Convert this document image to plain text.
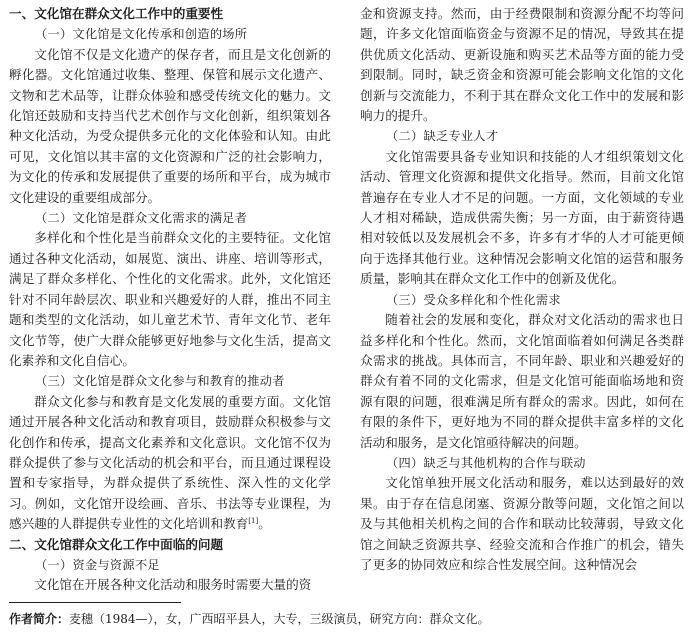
一、文化馆在群众文化工作中的重要性

（一）文化馆是文化传承和创造的场所

文化馆不仅是文化遗产的保存者，而且是文化创新的孵化器。文化馆通过收集、整理、保管和展示文化遗产、文物和艺术品等，让群众体验和感受传统文化的魅力。文化馆还鼓励和支持当代艺术创作与文化创新，组织策划各种文化活动，为受众提供多元化的文化体验和认知。由此可见，文化馆以其丰富的文化资源和广泛的社会影响力，为文化的传承和发展提供了重要的场所和平台，成为城市文化建设的重要组成部分。

（二）文化馆是群众文化需求的满足者

多样化和个性化是当前群众文化的主要特征。文化馆通过各种文化活动，如展览、演出、讲座、培训等形式，满足了群众多样化、个性化的文化需求。此外，文化馆还针对不同年龄层次、职业和兴趣爱好的人群，推出不同主题和类型的文化活动，如儿童艺术节、青年文化节、老年文化节等，使广大群众能够更好地参与文化生活，提高文化素养和文化自信心。

（三）文化馆是群众文化参与和教育的推动者

群众文化参与和教育是文化发展的重要方面。文化馆通过开展各种文化活动和教育项目，鼓励群众积极参与文化创作和传承，提高文化素养和文化意识。文化馆不仅为群众提供了参与文化活动的机会和平台，而且通过课程设置和专家指导，为群众提供了系统性、深入性的文化学习。例如，文化馆开设绘画、音乐、书法等专业课程，为感兴趣的人群提供专业性的文化培训和教育[1]。

二、文化馆群众文化工作中面临的问题

（一）资金与资源不足

文化馆在开展各种文化活动和服务时需要大量的资

金和资源支持。然而，由于经费限制和资源分配不均等问题，许多文化馆面临资金与资源不足的情况，导致其在提供优质文化活动、更新设施和购买艺术品等方面的能力受到限制。同时，缺乏资金和资源可能会影响文化馆的文化创新与交流能力，不利于其在群众文化工作中的发展和影响力的提升。

（二）缺乏专业人才

文化馆需要具备专业知识和技能的人才组织策划文化活动、管理文化资源和提供文化指导。然而，目前文化馆普遍存在专业人才不足的问题。一方面，文化领域的专业人才相对稀缺，造成供需失衡；另一方面，由于薪资待遇相对较低以及发展机会不多，许多有才华的人才可能更倾向于选择其他行业。这种情况会影响文化馆的运营和服务质量，影响其在群众文化工作中的创新及优化。

（三）受众多样化和个性化需求

随着社会的发展和变化，群众对文化活动的需求也日益多样化和个性化。然而，文化馆面临着如何满足各类群众需求的挑战。具体而言，不同年龄、职业和兴趣爱好的群众有着不同的文化需求，但是文化馆可能面临场地和资源有限的问题，很难满足所有群众的需求。因此，如何在有限的条件下，更好地为不同的群众提供丰富多样的文化活动和服务，是文化馆亟待解决的问题。

（四）缺乏与其他机构的合作与联动

文化馆单独开展文化活动和服务，难以达到最好的效果。由于存在信息闭塞、资源分散等问题，文化馆之间以及与其他相关机构之间的合作和联动比较薄弱，导致文化馆之间缺乏资源共享、经验交流和合作推广的机会，错失了更多的协同效应和综合性发展空间。这种情况会

作者简介：麦穗（1984—），女，广西昭平县人，大专，三级演员，研究方向：群众文化。
